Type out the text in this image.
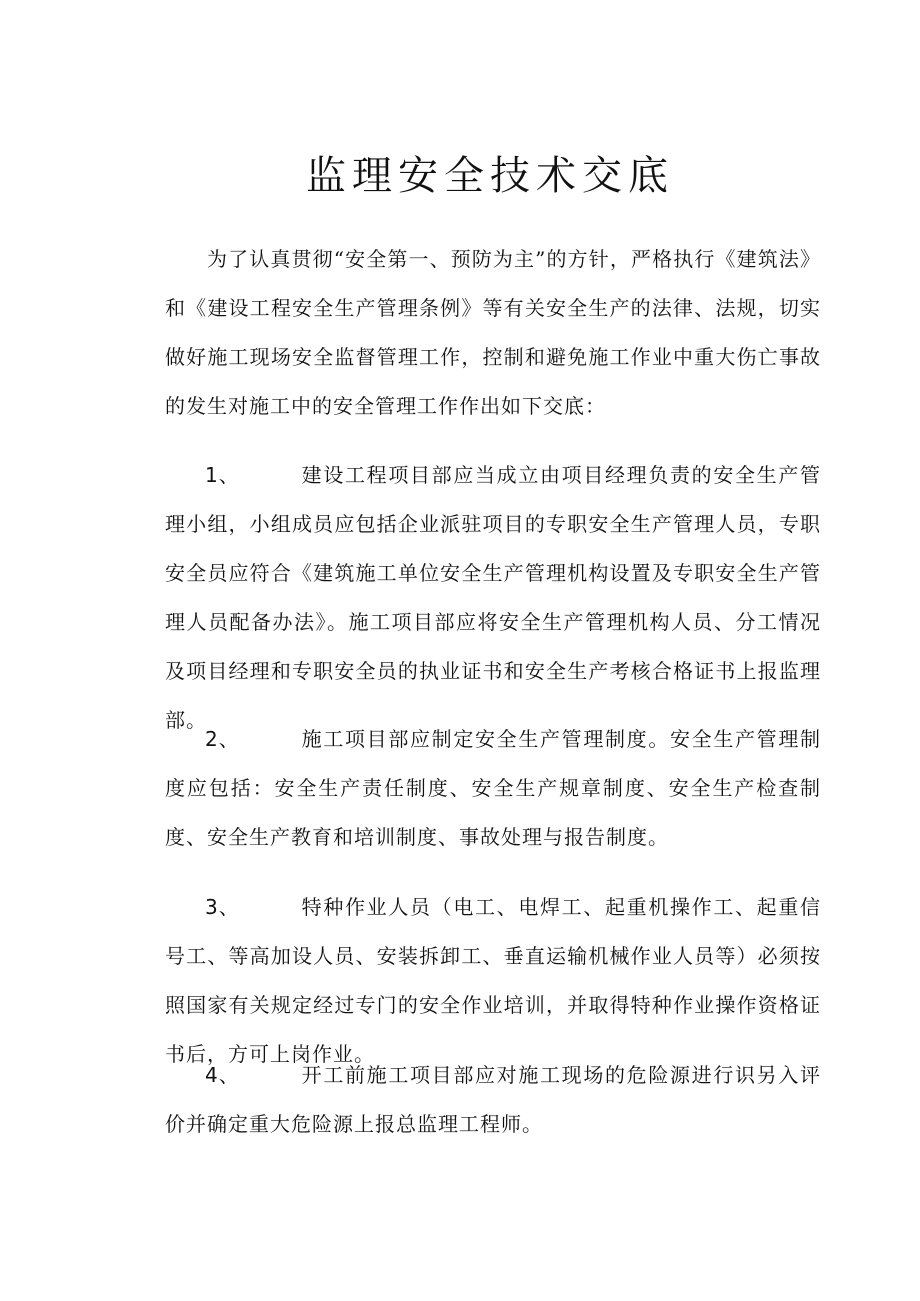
监理安全技术交底
为了认真贯彻“安全第一、预防为主”的方针，严格执行《建筑法》和《建设工程安全生产管理条例》等有关安全生产的法律、法规，切实做好施工现场安全监督管理工作，控制和避免施工作业中重大伤亡事故的发生对施工中的安全管理工作作出如下交底：
1、	建设工程项目部应当成立由项目经理负责的安全生产管理小组，小组成员应包括企业派驻项目的专职安全生产管理人员，专职安全员应符合《建筑施工单位安全生产管理机构设置及专职安全生产管理人员配备办法》。施工项目部应将安全生产管理机构人员、分工情况及项目经理和专职安全员的执业证书和安全生产考核合格证书上报监理部。
2、	施工项目部应制定安全生产管理制度。安全生产管理制度应包括：安全生产责任制度、安全生产规章制度、安全生产检查制度、安全生产教育和培训制度、事故处理与报告制度。
3、	特种作业人员（电工、电焊工、起重机操作工、起重信号工、等高加设人员、安装拆卸工、垂直运输机械作业人员等）必须按照国家有关规定经过专门的安全作业培训，并取得特种作业操作资格证书后，方可上岗作业。
4、	开工前施工项目部应对施工现场的危险源进行识另入评价并确定重大危险源上报总监理工程师。
